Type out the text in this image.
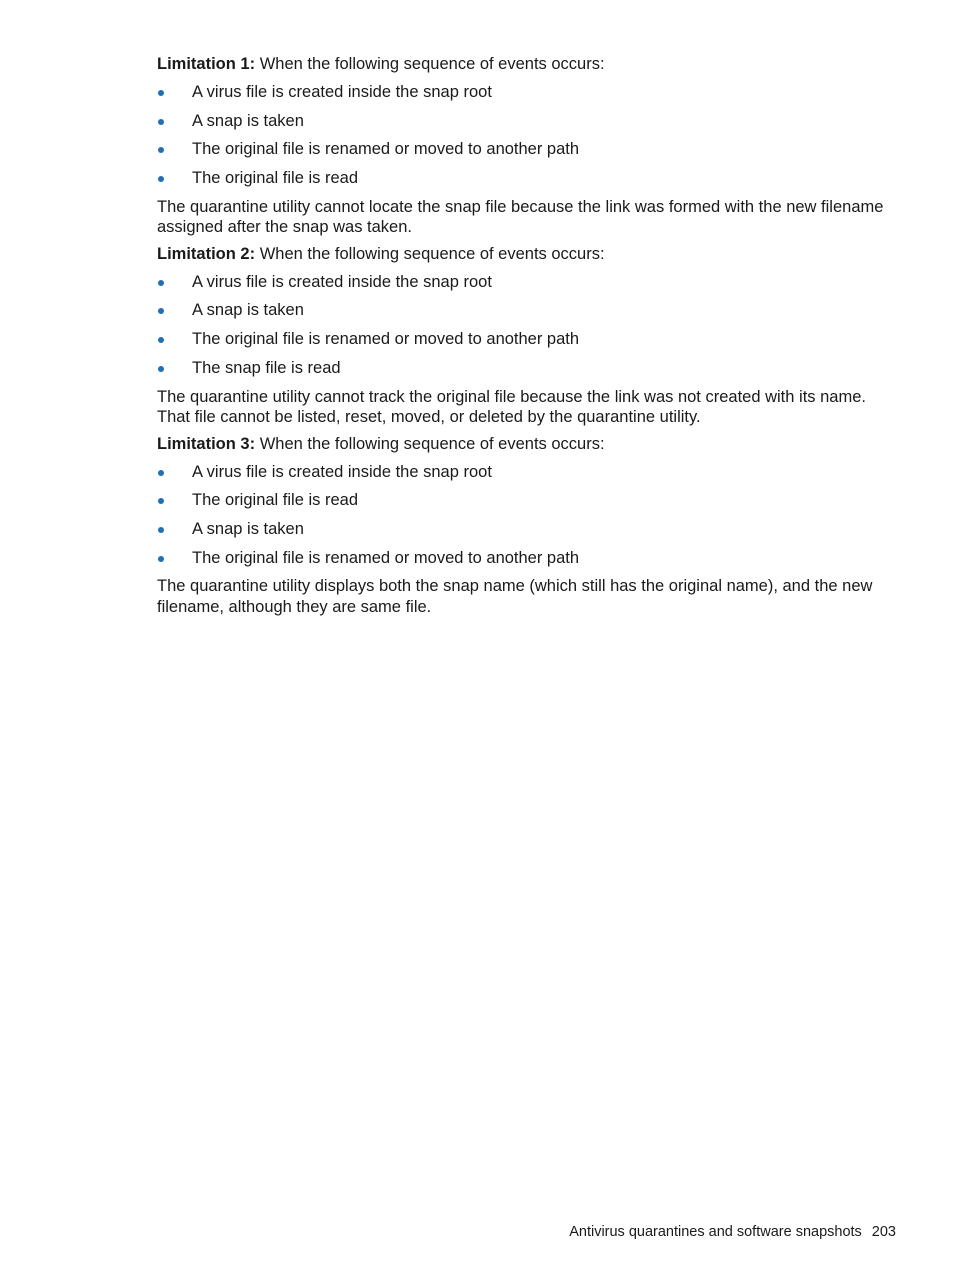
Limitation 1: When the following sequence of events occurs:
A virus file is created inside the snap root
A snap is taken
The original file is renamed or moved to another path
The original file is read

The quarantine utility cannot locate the snap file because the link was formed with the new filename assigned after the snap was taken.

Limitation 2: When the following sequence of events occurs:
A virus file is created inside the snap root
A snap is taken
The original file is renamed or moved to another path
The snap file is read

The quarantine utility cannot track the original file because the link was not created with its name. That file cannot be listed, reset, moved, or deleted by the quarantine utility.

Limitation 3: When the following sequence of events occurs:
A virus file is created inside the snap root
The original file is read
A snap is taken
The original file is renamed or moved to another path

The quarantine utility displays both the snap name (which still has the original name), and the new filename, although they are same file.

Antivirus quarantines and software snapshots 203
